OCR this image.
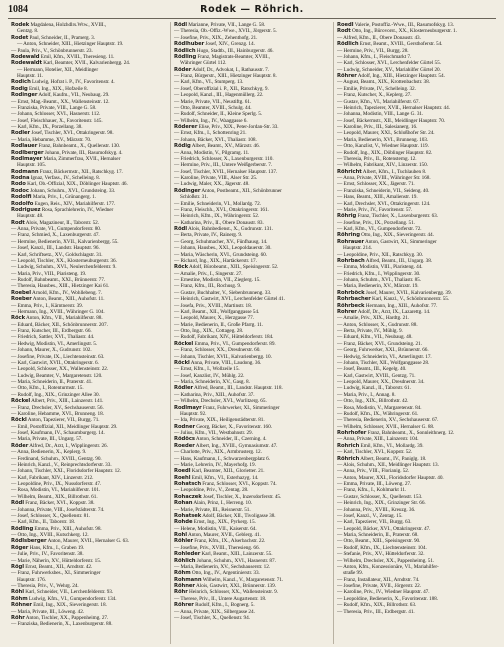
1084	Rodek — Röhrich.
Rodek Magdalena, Holzhdlrs.Wtw., XVIII.,
Gentzg. 8.
Rodet Paul, Schneider, II., Pramerg. 3.
— Anton, Schneider, XIII., Hietzinger Hauptstr. 19.
— Paula, Priv., V., Schönbrunnerstr. 23.
Rodewald Emil, Kfm., XVIII., Theresieng. 11.
Rodewaldt Karl, Beamter, XVII., Kalvarienbergg. 24.
— Hermann, Hotelier, XII., Meidlinger
Hauptstr. 11.
Rodich Ludwig, Hofrat i. P., IV., Favoritenstr. 4.
Rodig Emil, Ing., XIX., Hofzeile 8.
Rodinger Adolf, Kaufm., VII., Neubaug. 29.
— Ernst, Mag.-Beamt., XX., Wallensteinstr. 12.
— Franziska, Private, VIII., Lange G. 58.
— Johann, Schlosser, XVI., Hasnerstr. 112.
— Josef, Fleischhauer, X., Favoritenstr. 145.
— Karl, Kfm., IX., Porzellang. 38.
Rodler Josef, Tischler, XVI., Ottakringerstr. 98.
— Maria, Hebamme, XV., Märzstr. 70.
Rodlauer Franz, Bahnbeamt., X., Quellenstr. 130.
Rodlberger Johann, Private, III., Rasumofskyg. 4.
Rodlmayer Maria, Zimmerfrau, XVII., Hernalser
Hauptstr. 105.
Rodmann Franz, Bäckermstr., XII., Ratschkyg. 17.
Rodna Ignaz, Verfass., IV., Schelleing. 8.
Rodo Karl, Ob.-Offizial, XIX., Döblinger Hauptstr. 46.
Rodoc Johann, Schuhm., XVI., Grundsteing. 33.
Rodolfi Maria, Priv., I., Grünangerg. 1.
Rodolfo Eugen, Reis., XIV., Mariahilferstr. 177.
Rodriguez Rosa, Sprachlehrerin, IV., Wiedner
Hauptstr. 48.
Rodt Alois, Magazineur, II., Taborstr. 52.
— Anna, Private, VI., Gumpendorferstr. 80.
— Franz, Schmied, X., Laxenburgerstr. 47.
— Hermine, Bedienerin, XVII., Kalvarienbergg. 55.
— Josef, Kanzl., III., Landstr. Hauptstr. 96.
— Karl, Schriftsetz., XV., Goldschlagstr. 31.
— Leopold, Tischler, XX., Klosterneuburgerstr. 36.
— Ludwig, Schuhm., XVI., Neulerchenfelderstr. 9.
— Maria, Priv., VIII., Piaristeng. 19.
— Rudolf, Bahnbeamt., XXI., Brünnerstr. 77.
— Theresia, Hausbes., XIII., Hietzinger Kai 61.
Roebel Arnold, Kfm., IV., Wohllebeng. 7.
Roeber Anton, Beamt., XIII., Auhofstr. 11.
— Emma, Priv., I., Kärntnerstr. 39.
— Hermann, Ing., XVIII., Währinger G. 104.
Röck Anton, Kfm., VII., Mariahilferstr. 88.
— Eduard, Bäcker, XII., Schönbrunnerstr. 207.
— Franz, Kutscher, III., Erdbergstr. 66.
— Friedrich, Sattler, XVI., Thaliastr. 44.
— Hedwig, Modistin, VI., Amerlingstr. 5.
— Johann, Maurer, X., Gudrunstr. 102.
— Josefine, Private, IX., Liechtensteinstr. 63.
— Karl, Gastwirt, XVII., Ottakringerstr. 6.
— Leopold, Schlosser, XX., Wallensteinstr. 22.
— Ludwig, Beamter, V., Margaretenstr. 120.
— Maria, Schneiderin, II., Praterstr. 41.
— Otto, Kfm., I., Rotenturmstr. 15.
— Rudolf, Ing., XIX., Grinzinger Allee 30.
Röckel Albert, Priv., XIII., Lainzerstr. 141.
— Franz, Drechsler, XV., Sechshauserstr. 56.
— Karoline, Hebamme, XVI., Brunneng. 18.
Röckl Anton, Tapezierer, VII., Burgg. 71.
— Emil, Postoffizial, XII., Meidlinger Hauptstr. 29.
— Josef, Kaufmann, IV., Schaumburgerg. 14.
— Maria, Private, III., Ungarg. 57.
Röder Alfred, Dr., Arzt, I., Wipplingerstr. 26.
— Anna, Bedienerin, X., Keplerg. 9.
— Ferdinand, Schuhm., XVIII., Gentzg. 90.
— Heinrich, Kanzl., V., Reinprechtsdorferstr. 33.
— Johann, Tischler, XXI., Floridsdorfer Hauptstr. 12.
— Karl, Fabrikant, XIV., Linzerstr. 212.
— Leopoldine, Priv., IX., Nussdorferstr. 47.
— Rosa, Modistin, VI., Mariahilferstr. 101.
— Wilhelm, Beamt., XIX., Billrothstr. 61.
Rödl Franz, Bäcker, XVI., Koppstr. 38.
— Johanna, Private, VIII., Josefstädterstr. 74.
— Josef, Schlosser, X., Quellenstr. 81.
— Karl, Kfm., II., Taborstr. 18.
Rödling Emma, Priv., XIII., Auhofstr. 98.
— Otto, Ing., XVIII., Kutschkerg. 12.
Rödlsberger Anton, Maurer, XVII., Hernalser G. 63.
Röger Hans, Kfm., I., Graben 19.
— Julie, Priv., IV., Favoritenstr. 38.
— Marie, Näherin, XV., Hütteldorferstr. 15.
Rögl Ernst, Beamt., XII., Arndtstr. 42.
— Franz, Fuhrwerksbes., XI., Simmeringer
Hauptstr. 176.
— Theresia, Priv., V., Wehrg. 24.
Röhl Karl, Schneider, VII., Lerchenfelderstr. 93.
Röhm Ludwig, Kfm., VI., Gumpendorferstr. 134.
Röhner Emil, Ing., XIX., Sieveringerstr. 18.
— Maria, Private, III., Löweng. 42.
Röhr Anton, Tischler, XX., Pappenheimg. 27.
— Franziska, Bedienerin, X., Laxenburgerstr. 88.
Rödl Marianne, Private, VII., Lange G. 58.
— Theresia, Ob.-Offiz.-Wwe., XVII., Jörgerstr. 5.
— Josefine, Priv., XIX., Zehenthofg. 21.
Rödlhuber Josef, XIV., Grenzg. 14.
Rödlich Hugo, Stadtb., III., Hainburgerstr. 46.
Rödling Franz, Magistrats-Beamter, XVIII.,
Währinger Gürtel 112.
Röder Adolf, Dr., Advokat, I., Rathausstr. 7.
— Franz, Bürgerstr., XIII., Hietzinger Hauptstr. 8.
— Karl, Kfm., VI., Stumperg. 13.
— Josef, Oberoffizial i. P., XII., Ratschkyg. 9.
— Leopold, Kanzl., III., Hagenmüllerg. 22.
— Marie, Private, VII., Neustiftg. 61.
— Otto, Beamter, XVIII., Schulg. 44.
— Rudolf, Schneider, II., Kleine Sperlg. 5.
— Wilhelm, Ing., IV., Waaggasse 6.
Röderer Elise, Priv., XIX., Peter-Jordan-Str. 33.
— Ernst, Kfm., I., Schottenring 21.
— Johann, Bäcker, XVI., Thaliastr. 108.
Rödig Albert, Beamt., XV., Märzstr. 46.
— Anna, Modistin, V., Pilgramg. 11.
— Friedrich, Schlosser, X., Laxenburgerstr. 110.
— Hermine, Priv., III., Untere Weißgerberstr. 7.
— Josef, Tischler, XVII., Hernalser Hauptstr. 137.
— Karoline, Private, VIII., Alser Str. 25.
— Ludwig, Maler, XX., Jägerstr. 48.
Rödinger Anton, Postbeamt., XII., Schönbrunner
Schloßstr. 31.
— Emilie, Schneiderin, VI., Mollardg. 72.
— Franz, Fleischh., XVI., Ottakringerstr. 161.
— Heinrich, Kfm., IX., Währingerstr. 52.
— Katharina, Priv., II., Obere Donaustr. 83.
Rödl Alois, Bahnbedienst., X., Gudrunstr. 131.
— Berta, Private, IV., Rainerg. 9.
— Georg, Schuhmacher, XV., Fünfhausg. 14.
— Johann, Hausbes., XXI., Leopoldauerstr. 30.
— Maria, Wäscherin, XVI., Grundsteing. 60.
— Richard, Ing., XIX., Hartäckerstr. 17.
Röck Adolf, Bürobeamt., XIII., Speisingerstr. 52.
— Amalie, Priv., I., Singerstr. 27.
— Ernestine, Modistin, VII., Zieglerg. 15.
— Franz, Kfm., III., Rochusg. 9.
— Gustav, Buchhalter, V., Siebenbrunneng. 33.
— Heinrich, Gastwirt, XVI., Lerchenfelder Gürtel 41.
— Josefa, Priv., XVIII., Martinstr. 18.
— Karl, Beamt., XII., Wolfganggasse 54.
— Leopold, Maurer, X., Herzgasse 77.
— Marie, Bedienerin, II., Große Pfarrg. 11.
— Otto, Ing., XIX., Cottageg. 28.
— Rudolf, Fabrikant, XIV., Hütteldorferstr. 184.
Röckel Emma, Priv., VI., Gumpendorferstr. 89.
— Franz, Schlosser, XX., Dresdnerstr. 60.
— Johann, Tischler, XVII., Kalvarienbergg. 10.
Röckl Anna, Private, VIII., Laudong. 36.
— Ernst, Kfm., I., Wollzeile 15.
— Josef, Kanzlist, IV., Mühlg. 22.
— Maria, Schneiderin, XV., Gasg. 8.
Rödler Alfred, Beamt., III., Landstr. Hauptstr. 118.
— Katharina, Priv., XIII., Auhofstr. 37.
— Wilhelm, Drechsler, XVI., Wurlitzerg. 65.
Rodlmayr Franz, Fuhrwerker, XI., Simmeringer
Hauptstr. 92.
— Ida, Private, XIX., Heiligenstädterstr. 81.
Rodner Georg, Bäcker, X., Favoritenstr. 160.
— Julius, Kfm., VII., Westbahnstr. 29.
Rödöcs Anton, Schneider, II., Czerning. 4.
Roeder Albert, Ing., XVIII., Gymnasiumstr. 47.
— Charlotte, Priv., XIX., Armbrusterg. 12.
— Hans, Kaufmann, I., Schwarzenbergplatz 6.
— Marie, Lehrerin, IV., Mayerhofg. 19.
Roedl Karl, Beamter, XIII., Gloriettег. 21.
Roehl Emil, Kfm., VI., Esterhazyg. 14.
Rohatsch Franz, Schlosser, XVI., Koppstr. 74.
— Leopoldine, Priv., V., Zentag. 28.
Rohaczek Josef, Tischler, X., Inzersdorferstr. 45.
Rohan Alain, Prinz, I., Herreng. 10.
— Marie, Private, III., Reisnerstr. 51.
Rohatsek Adolf, Bäcker, XII., Tivoligasse 38.
Rohde Ernst, Ing., XIX., Pyrkerg. 15.
— Helene, Modistin, VII., Kaiserstr. 64.
Rohl Anton, Maurer, XVII., Geblerg. 41.
Röhler Franz, Kfm., IX., Alserbachstr. 22.
— Josefine, Priv., XVIII., Theresieng. 66.
Rohleder Karl, Beamt., XIII., Lainzerstr. 55.
Röhlich Johann, Schuhm., XVI., Hasnerstr. 87.
— Maria, Bedienerin, XV., Sechshauserstr. 12.
Röhm Otto, Ing., IV., Argentinierstr. 33.
Rohmann Wilhelm, Kanzl., V., Margaretenstr. 71.
Röhner Alois, Gastwirt, XXI., Brünnerstr. 139.
Röhr Heinrich, Schlosser, XX., Wallensteinstr. 9.
— Therese, Priv., II., Untere Augartenstr. 18.
Röhrer Rudolf, Kfm., I., Bognerg. 5.
— Anna, Private, XIX., Silbergasse 24.
— Josef, Tischler, X., Quellenstr. 94.
Roedl Valerie, Postoffiz.-Wwe., III., Rasumofskyg. 13.
Rodt Otto, Ing., Bürovorst., XX., Klosterneuburgerstr. 1.
— Alfred, Kfm., II., Obere Donaustr. 43.
Rödlich Ernst, Beamt., XVIII., Gersthoferstr. 54.
— Hermine, Priv., VII., Burgg. 28.
— Johann, Kfm., I., Fleischmarkt 7.
— Karl, Schlosser, XVI., Lerchenfelder Gürtel 55.
— Ludwig, Schneider, XV., Mariahilfer Gürtel 20.
Röhrer Adolf, Ing., XIII., Hietzinger Hauptstr. 54.
— August, Beamt., XIX., Krottenbachstr. 38.
— Emilie, Private, IV., Schelleing. 32.
— Franz, Kutscher, X., Keplerg. 27.
— Gustav, Kfm., VI., Mariahilferstr. 67.
— Heinrich, Tapezierer, XVII., Hernalser Hauptstr. 44.
— Johanna, Modistin, VIII., Lange G. 31.
— Josef, Bäckermstr., XII., Meidlinger Hauptstr. 70.
— Karoline, Priv., III., Salesianerg. 16.
— Leopold, Maurer, XXI., Schloßhofer Str. 24.
— Maria, Bedienerin, XVI., Brunneng. 103.
— Otto, Kanzlist, V., Wiedner Hauptstr. 119.
— Rudolf, Ing., XIX., Döblinger Hauptstr. 82.
— Theresia, Priv., II., Rotensterng. 12.
— Wilhelm, Fabrikant, XIV., Linzerstr. 150.
Röhricht Albert, Kfm., I., Tuchlauben 8.
— Anna, Private, XVIII., Währinger Str. 168.
— Ernst, Schlosser, XX., Jägerstr. 71.
— Franziska, Schneiderin, VII., Seideng. 40.
— Hans, Beamt., XIII., Amalienstr. 19.
— Karl, Drechsler, XVI., Ottakringerstr. 124.
— Marie, Priv., IV., Favoritenstr. 57.
Röhrig Franz, Tischler, X., Laxenburgerstr. 63.
— Josefine, Priv., IX., Porzellang. 51.
— Karl, Kfm., VI., Gumpendorferstr. 72.
Röhring Otto, Ing., XIX., Sieveringerstr. 44.
Rohrauer Anton, Gastwirt, XI., Simmeringer
Hauptstr. 214.
— Leopoldine, Priv., XII., Ratschkyg. 30.
Rohrbach Alfred, Beamt., III., Ungarg. 38.
— Emma, Modistin, VIII., Piaristeng. 44.
— Friedrich, Kfm., I., Wipplingerstr. 30.
— Johann, Schuhm., XVI., Thaliastr. 85.
— Maria, Bedienerin, XV., Märzstr. 19.
Rohrböck Josef, Maurer, XVII., Kalvarienbergg. 39.
Rohrbacher Karl, Kanzl., V., Schönbrunnerstr. 55.
Röhrbeck Hermann, Ing., XIII., Auhofstr. 77.
Rohrer Adolf, Dr., Arzt, IX., Lazarettg. 14.
— Amalie, Priv., XIX., Hardtg. 21.
— Anton, Schlosser, X., Gudrunstr. 88.
— Berta, Private, IV., Mühlg. 9.
— Eduard, Kfm., VII., Neubaug. 48.
— Franz, Bäcker, XVI., Grundsteing. 21.
— Georg, Fuhrwerker, XXI., Brünnerstr. 66.
— Hedwig, Schneiderin, VI., Amerlingstr. 17.
— Johann, Tischler, XII., Wolfganggasse 28.
— Josef, Beamt., III., Kegelg. 40.
— Karl, Gastwirt, XVIII., Gentzg. 71.
— Leopold, Maurer, XX., Dresdnerstr. 34.
— Ludwig, Kanzl., II., Taborstr. 61.
— Maria, Priv., I., Annag. 8.
— Otto, Ing., XIX., Billrothstr. 42.
— Rosa, Modistin, V., Margaretenstr. 84.
— Rudolf, Kfm., IX., Währingerstr. 61.
— Theresia, Bedienerin, XV., Sechshauserstr. 67.
— Wilhelm, Schlosser, XVII., Hernalser G. 88.
Rohrhofer Franz, Bahnbeamt., X., Sonnleithnerg. 12.
— Anna, Private, XIII., Lainzerstr. 104.
Rohrich Emil, Kfm., VI., Mollardg. 39.
— Karl, Tischler, XVI., Koppstr. 52.
Röhrich Albert, Beamt., IV., Paniglg. 18.
— Alois, Schuhm., XII., Meidlinger Hauptstr. 13.
— Anna, Priv., VIII., Florianig. 52.
— Anton, Maurer, XXI., Floridsdorfer Hauptstr. 40.
— Emma, Private, III., Löweng. 27.
— Franz, Kfm., I., Kohlmarkt 11.
— Gustav, Schlosser, X., Quellenstr. 153.
— Heinrich, Ing., XIX., Grinzinger Str. 66.
— Johanna, Priv., XVIII., Kreuzg. 36.
— Josef, Kanzl., V., Zentag. 15.
— Karl, Tapezierer, VII., Burgg. 63.
— Leopold, Bäcker, XVI., Ottakringerstr. 47.
— Maria, Schneiderin, II., Praterstr. 68.
— Otto, Beamt., XIII., Speisingerstr. 90.
— Rudolf, Kfm., IX., Liechtensteinstr. 104.
— Stefanie, Priv., XV., Hütteldorferstr. 32.
— Wilhelm, Drechsler, XX., Pappenheimg. 51.
— Anton, Kfm., Konzessionäre, VI., Mariahilfer-
straße 99.
— Franz, Installateur, XII., Arndtstr. 74.
— Josefine, Private, XVII., Jörgerstr. 22.
— Karoline, Priv., IV., Wiedner Hauptstr. 47.
— Leopoldine, Bedienerin, X., Favoritenstr. 188.
— Rudolf, Kfm., XIX., Billrothstr. 63.
— Theresia, Priv., III., Erdbergstr. 41.
